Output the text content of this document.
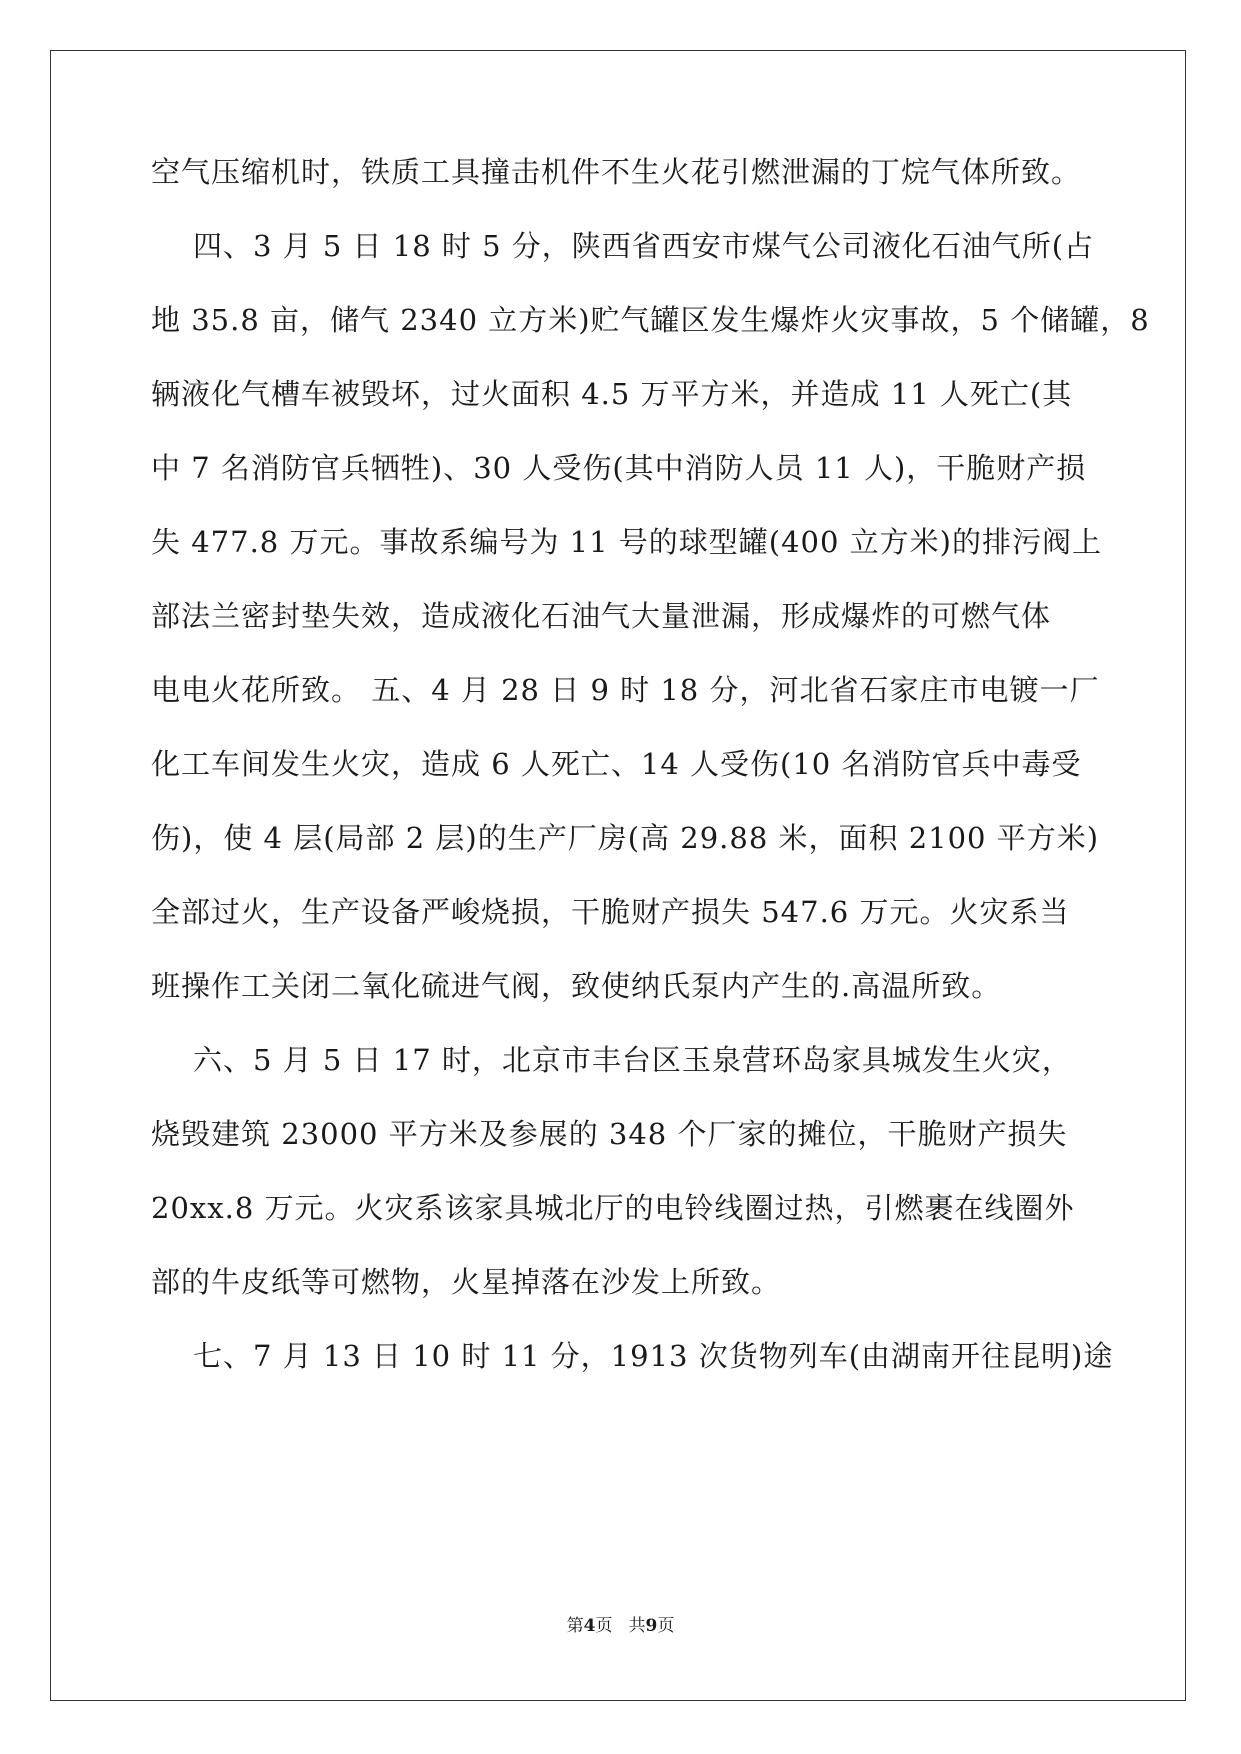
空气压缩机时，铁质工具撞击机件不生火花引燃泄漏的丁烷气体所致。
四、3 月 5 日 18 时 5 分，陕西省西安市煤气公司液化石油气所(占
地 35.8 亩，储气 2340 立方米)贮气罐区发生爆炸火灾事故，5 个储罐，8
辆液化气槽车被毁坏，过火面积 4.5 万平方米，并造成 11 人死亡(其
中 7 名消防官兵牺牲)、30 人受伤(其中消防人员 11 人)，干脆财产损
失 477.8 万元。事故系编号为 11 号的球型罐(400 立方米)的排污阀上
部法兰密封垫失效，造成液化石油气大量泄漏，形成爆炸的可燃气体
电电火花所致。 五、4 月 28 日 9 时 18 分，河北省石家庄市电镀一厂
化工车间发生火灾，造成 6 人死亡、14 人受伤(10 名消防官兵中毒受
伤)，使 4 层(局部 2 层)的生产厂房(高 29.88 米，面积 2100 平方米)
全部过火，生产设备严峻烧损，干脆财产损失 547.6 万元。火灾系当
班操作工关闭二氧化硫进气阀，致使纳氏泵内产生的.高温所致。
六、5 月 5 日 17 时，北京市丰台区玉泉营环岛家具城发生火灾，
烧毁建筑 23000 平方米及参展的 348 个厂家的摊位，干脆财产损失
20xx.8 万元。火灾系该家具城北厅的电铃线圈过热，引燃裹在线圈外
部的牛皮纸等可燃物，火星掉落在沙发上所致。
七、7 月 13 日 10 时 11 分，1913 次货物列车(由湖南开往昆明)途
第4页 共9页
